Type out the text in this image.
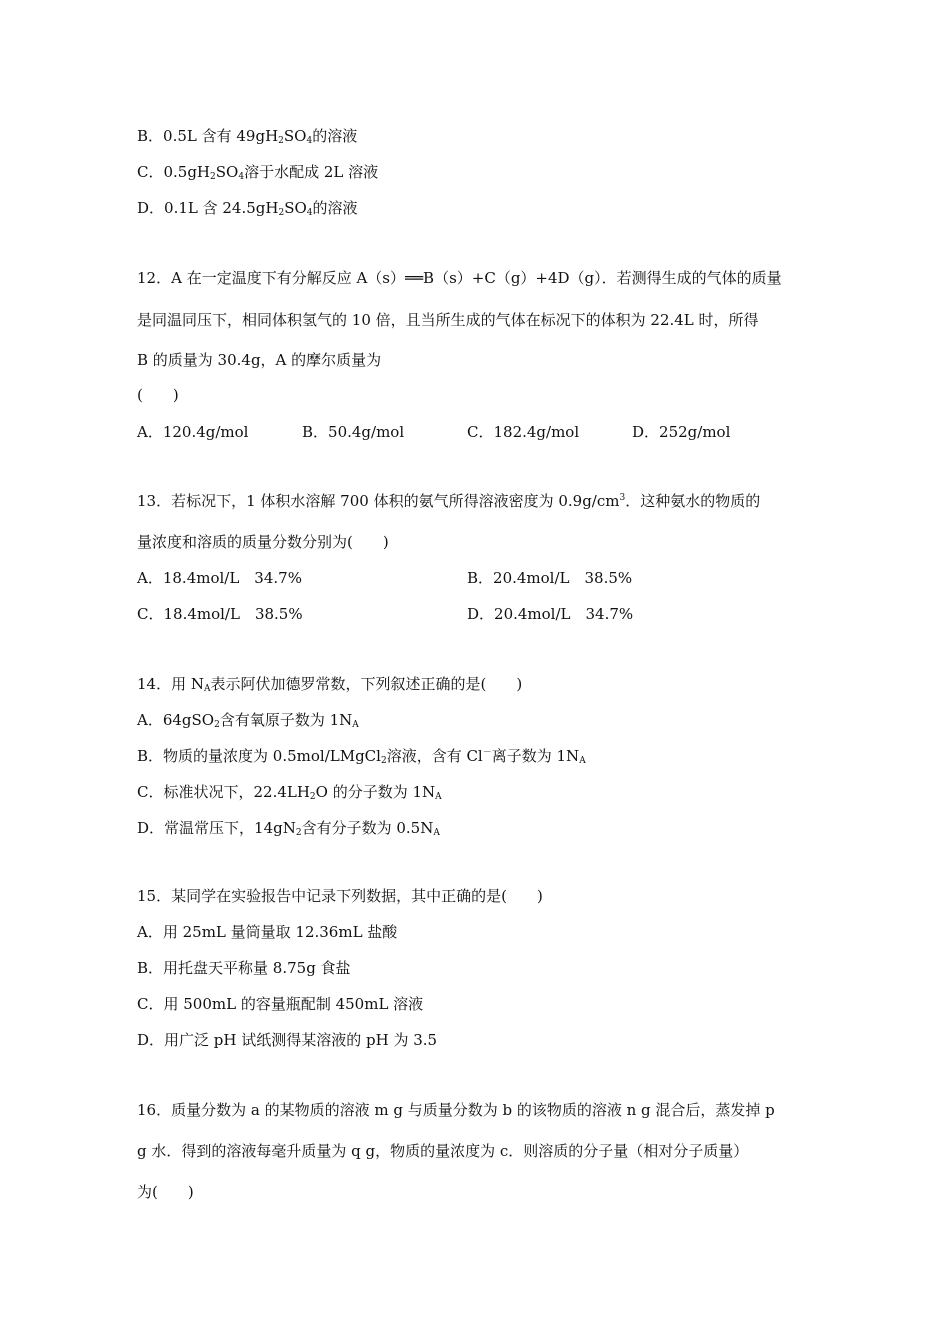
B．0.5L 含有 $49gH_2SO_4$的溶液
C．$0.5gH_2SO_4$溶于水配成 2L 溶液
D．0.1L 含 $24.5gH_2SO_4$的溶液
12．A 在一定温度下有分解反应 A（s）══B（s）+C（g）+4D（g）．若测得生成的气体的质量
是同温同压下，相同体积氢气的 10 倍，且当所生成的气体在标况下的体积为 22.4L 时，所得
B 的质量为 30.4g，A 的摩尔质量为
(　　)
A．120.4g/mol	B．50.4g/mol	C．182.4g/mol	D．252g/mol
13．若标况下，1 体积水溶解 700 体积的氨气所得溶液密度为 $0.9g/cm^3$．这种氨水的物质的
量浓度和溶质的质量分数分别为(　　)
A．18.4mol/L　34.7%	B．20.4mol/L　38.5%
C．18.4mol/L　38.5%	D．20.4mol/L　34.7%
14．用 $N_A$表示阿伏加德罗常数，下列叙述正确的是(　　)
A．64gSO$_2$含有氧原子数为 $1N_A$
B．物质的量浓度为 0.5mol/LMgCl$_2$溶液，含有 Cl－离子数为 $1N_A$
C．标准状况下，$22.4LH_2O$ 的分子数为 $1N_A$
D．常温常压下，$14gN_2$含有分子数为 $0.5N_A$
15．某同学在实验报告中记录下列数据，其中正确的是(　　)
A．用 25mL 量筒量取 12.36mL 盐酸
B．用托盘天平称量 8.75g 食盐
C．用 500mL 的容量瓶配制 450mL 溶液
D．用广泛 pH 试纸测得某溶液的 pH 为 3.5
16．质量分数为 a 的某物质的溶液 m g 与质量分数为 b 的该物质的溶液 n g 混合后，蒸发掉 p
g 水．得到的溶液每毫升质量为 q g，物质的量浓度为 c．则溶质的分子量（相对分子质量）
为(　　)
